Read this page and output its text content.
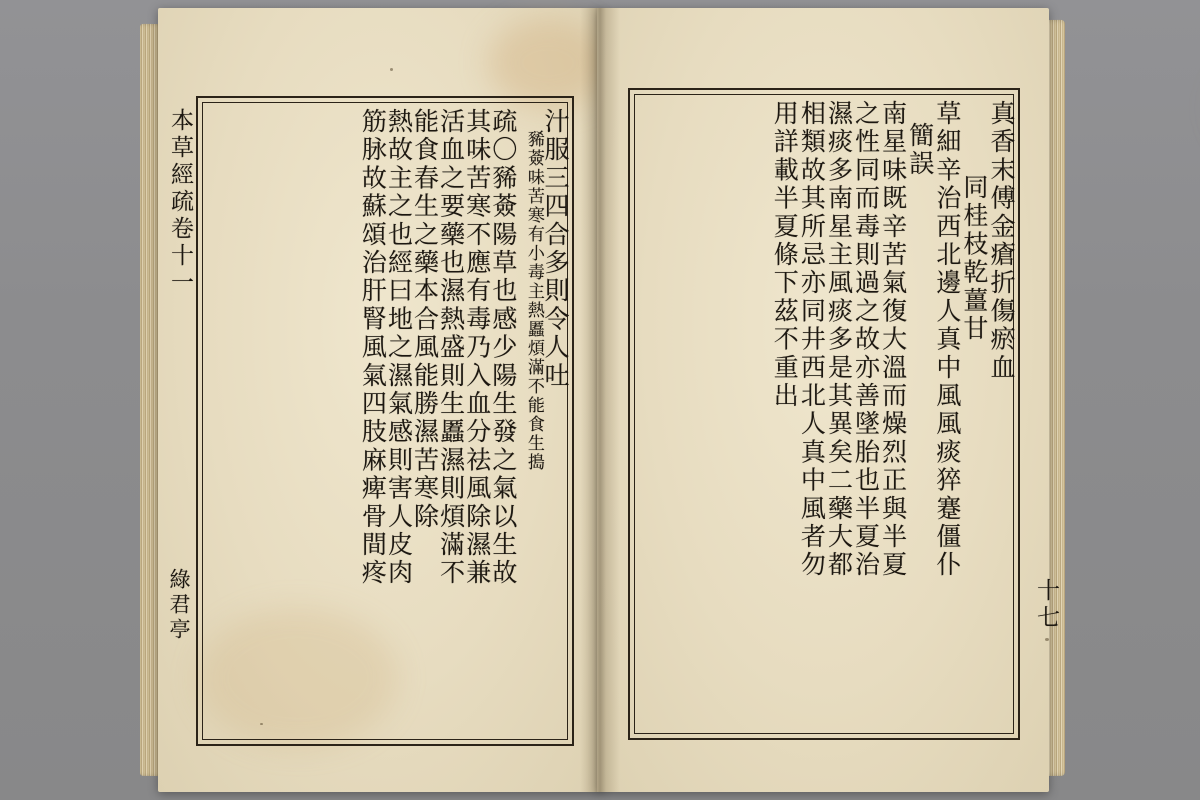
汁服三四合多則令人吐
豨薟味苦寒有小毒主熱䘌煩滿不能食生搗
疏〇豨薟陽草也感少陽生發之氣以生故
其味苦寒不應有毒乃入血分祛風除濕兼
活血之要藥也濕熱盛則生䘌濕則煩滿不
能食春生之藥本合風能勝濕苦寒除
熱故主之也經曰地之濕氣感則害人皮肉
筋脉故蘇頌治肝腎風氣四肢麻痺骨間疼	真香末傅金瘡折傷瘀血
同桂枝乾薑甘
草細辛治西北邊人真中風風痰猝蹇僵仆
簡誤
南星味既辛苦氣復大溫而燥烈正與半夏
之性同而毒則過之故亦善墜胎也半夏治
濕痰多南星主風痰多是其異矣二藥大都
相類故其所忌亦同井西北人真中風者勿
用詳載半夏條下茲不重出
本草經疏卷十一
綠君亭	十七
